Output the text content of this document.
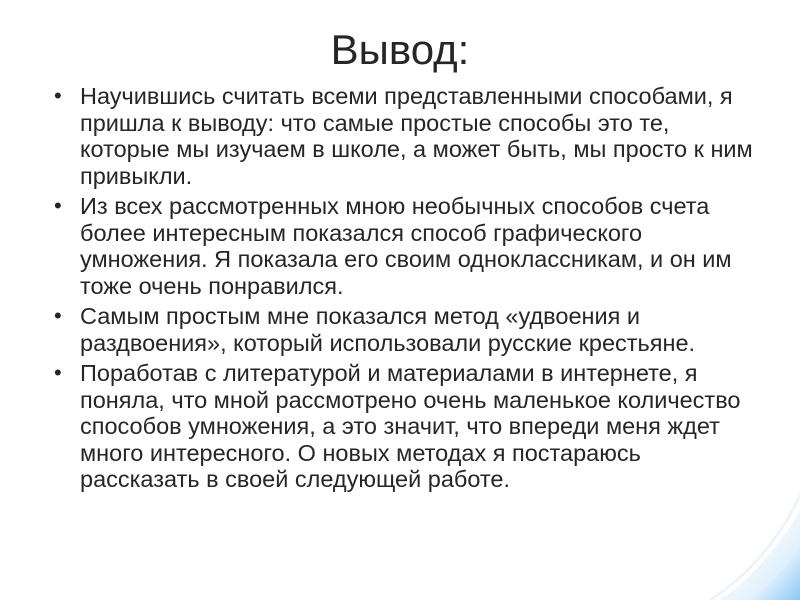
Вывод:
• Научившись считать всеми представленными способами, я пришла к выводу: что самые простые способы это те, которые мы изучаем в школе, а может быть, мы просто к ним привыкли.
• Из всех рассмотренных мною необычных способов счета более интересным показался способ графического умножения. Я показала его своим одноклассникам, и он им тоже очень понравился.
• Самым простым мне показался метод «удвоения и раздвоения», который использовали русские крестьяне.
• Поработав с литературой и материалами в интернете, я поняла, что мной рассмотрено очень маленькое количество способов умножения, а это значит, что впереди меня ждет много интересного. О новых методах я постараюсь рассказать в своей следующей работе.
